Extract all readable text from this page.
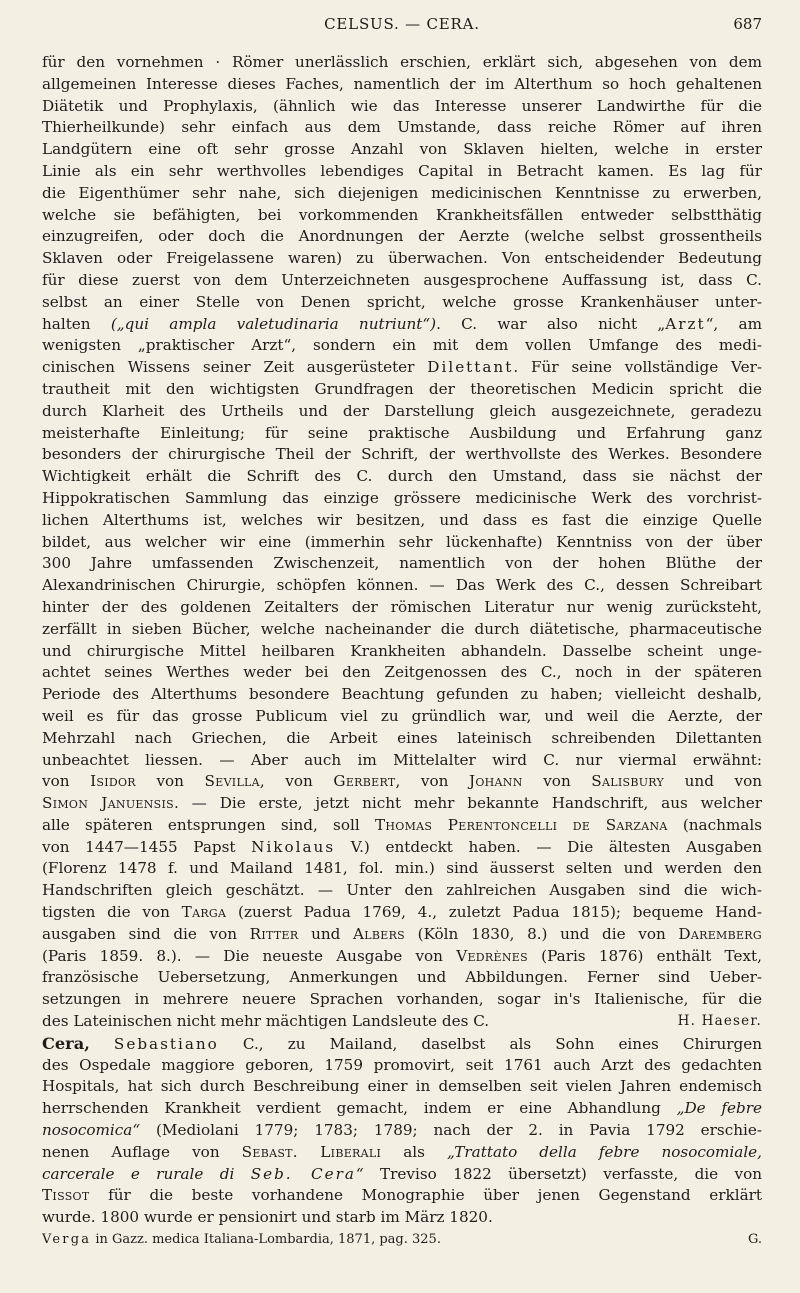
CELSUS. — CERA.	687
für den vornehmen · Römer unerlässlich erschien, erklärt sich, abgesehen von dem
allgemeinen Interesse dieses Faches, namentlich der im Alterthum so hoch gehaltenen
Diätetik und Prophylaxis, (ähnlich wie das Interesse unserer Landwirthe für die
Thierheilkunde) sehr einfach aus dem Umstande, dass reiche Römer auf ihren
Landgütern eine oft sehr grosse Anzahl von Sklaven hielten, welche in erster
Linie als ein sehr werthvolles lebendiges Capital in Betracht kamen. Es lag für
die Eigenthümer sehr nahe, sich diejenigen medicinischen Kenntnisse zu erwerben,
welche sie befähigten, bei vorkommenden Krankheitsfällen entweder selbstthätig
einzugreifen, oder doch die Anordnungen der Aerzte (welche selbst grossentheils
Sklaven oder Freigelassene waren) zu überwachen. Von entscheidender Bedeutung
für diese zuerst von dem Unterzeichneten ausgesprochene Auffassung ist, dass C.
selbst an einer Stelle von Denen spricht, welche grosse Krankenhäuser unter-
halten („qui ampla valetudinaria nutriunt“). C. war also nicht „Arzt“, am
wenigsten „praktischer Arzt“, sondern ein mit dem vollen Umfange des medi-
cinischen Wissens seiner Zeit ausgerüsteter Dilettant. Für seine vollständige Ver-
trautheit mit den wichtigsten Grundfragen der theoretischen Medicin spricht die
durch Klarheit des Urtheils und der Darstellung gleich ausgezeichnete, geradezu
meisterhafte Einleitung; für seine praktische Ausbildung und Erfahrung ganz
besonders der chirurgische Theil der Schrift, der werthvollste des Werkes. Besondere
Wichtigkeit erhält die Schrift des C. durch den Umstand, dass sie nächst der
Hippokratischen Sammlung das einzige grössere medicinische Werk des vorchrist-
lichen Alterthums ist, welches wir besitzen, und dass es fast die einzige Quelle
bildet, aus welcher wir eine (immerhin sehr lückenhafte) Kenntniss von der über
300 Jahre umfassenden Zwischenzeit, namentlich von der hohen Blüthe der
Alexandrinischen Chirurgie, schöpfen können. — Das Werk des C., dessen Schreibart
hinter der des goldenen Zeitalters der römischen Literatur nur wenig zurücksteht,
zerfällt in sieben Bücher, welche nacheinander die durch diätetische, pharmaceutische
und chirurgische Mittel heilbaren Krankheiten abhandeln. Dasselbe scheint unge-
achtet seines Werthes weder bei den Zeitgenossen des C., noch in der späteren
Periode des Alterthums besondere Beachtung gefunden zu haben; vielleicht deshalb,
weil es für das grosse Publicum viel zu gründlich war, und weil die Aerzte, der
Mehrzahl nach Griechen, die Arbeit eines lateinisch schreibenden Dilettanten
unbeachtet liessen. — Aber auch im Mittelalter wird C. nur viermal erwähnt:
von Isidor von Sevilla, von Gerbert, von Johann von Salisbury und von
Simon Januensis. — Die erste, jetzt nicht mehr bekannte Handschrift, aus welcher
alle späteren entsprungen sind, soll Thomas Perentoncelli de Sarzana (nachmals
von 1447—1455 Papst Nikolaus V.) entdeckt haben. — Die ältesten Ausgaben
(Florenz 1478 f. und Mailand 1481, fol. min.) sind äusserst selten und werden den
Handschriften gleich geschätzt. — Unter den zahlreichen Ausgaben sind die wich-
tigsten die von Targa (zuerst Padua 1769, 4., zuletzt Padua 1815); bequeme Hand-
ausgaben sind die von Ritter und Albers (Köln 1830, 8.) und die von Daremberg
(Paris 1859. 8.). — Die neueste Ausgabe von Vedrènes (Paris 1876) enthält Text,
französische Uebersetzung, Anmerkungen und Abbildungen. Ferner sind Ueber-
setzungen in mehrere neuere Sprachen vorhanden, sogar in's Italienische, für die
des Lateinischen nicht mehr mächtigen Landsleute des C.	H. Haeser.
Cera, Sebastiano C., zu Mailand, daselbst als Sohn eines Chirurgen
des Ospedale maggiore geboren, 1759 promovirt, seit 1761 auch Arzt des gedachten
Hospitals, hat sich durch Beschreibung einer in demselben seit vielen Jahren endemisch
herrschenden Krankheit verdient gemacht, indem er eine Abhandlung „De febre
nosocomica“ (Mediolani 1779; 1783; 1789; nach der 2. in Pavia 1792 erschie-
nenen Auflage von Sebast. Liberali als „Trattato della febre nosocomiale,
carcerale e rurale di Seb. Cera“ Treviso 1822 übersetzt) verfasste, die von
Tissot für die beste vorhandene Monographie über jenen Gegenstand erklärt
wurde. 1800 wurde er pensionirt und starb im März 1820.
Verga in Gazz. medica Italiana-Lombardia, 1871, pag. 325.	G.
